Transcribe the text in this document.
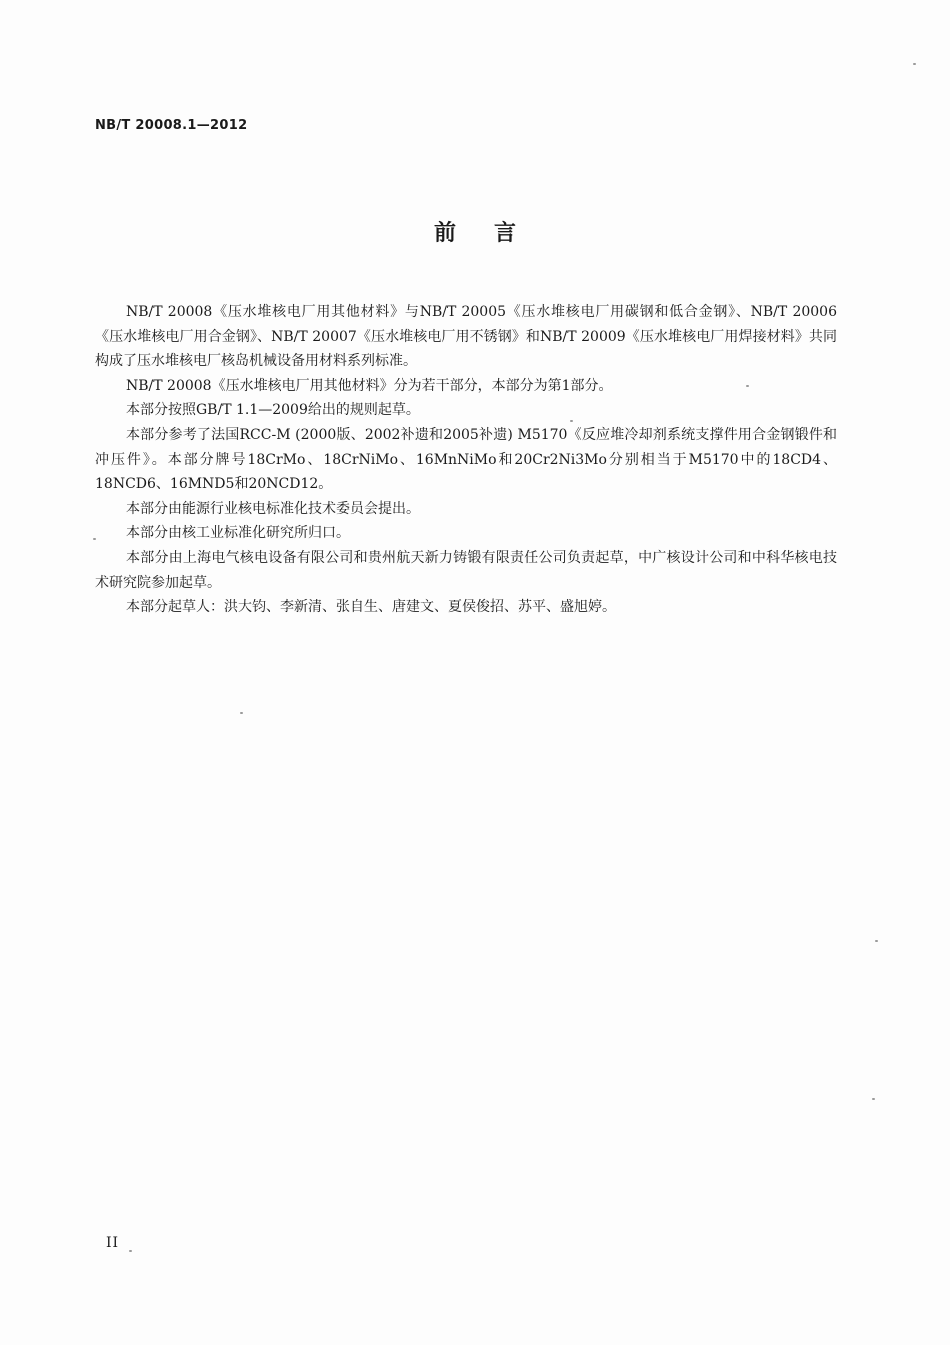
NB/T 20008.1—2012
前言

NB/T 20008《压水堆核电厂用其他材料》与NB/T 20005《压水堆核电厂用碳钢和低合金钢》、NB/T 20006《压水堆核电厂用合金钢》、NB/T 20007《压水堆核电厂用不锈钢》和NB/T 20009《压水堆核电厂用焊接材料》共同构成了压水堆核电厂核岛机械设备用材料系列标准。

NB/T 20008《压水堆核电厂用其他材料》分为若干部分，本部分为第1部分。

本部分按照GB/T 1.1—2009给出的规则起草。

本部分参考了法国RCC-M (2000版、2002补遗和2005补遗) M5170《反应堆冷却剂系统支撑件用合金钢锻件和冲压件》。本部分牌号18CrMo、18CrNiMo、16MnNiMo和20Cr2Ni3Mo分别相当于M5170中的18CD4、18NCD6、16MND5和20NCD12。

本部分由能源行业核电标准化技术委员会提出。

本部分由核工业标准化研究所归口。

本部分由上海电气核电设备有限公司和贵州航天新力铸锻有限责任公司负责起草，中广核设计公司和中科华核电技术研究院参加起草。

本部分起草人：洪大钧、李新清、张自生、唐建文、夏侯俊招、苏平、盛旭婷。

II
